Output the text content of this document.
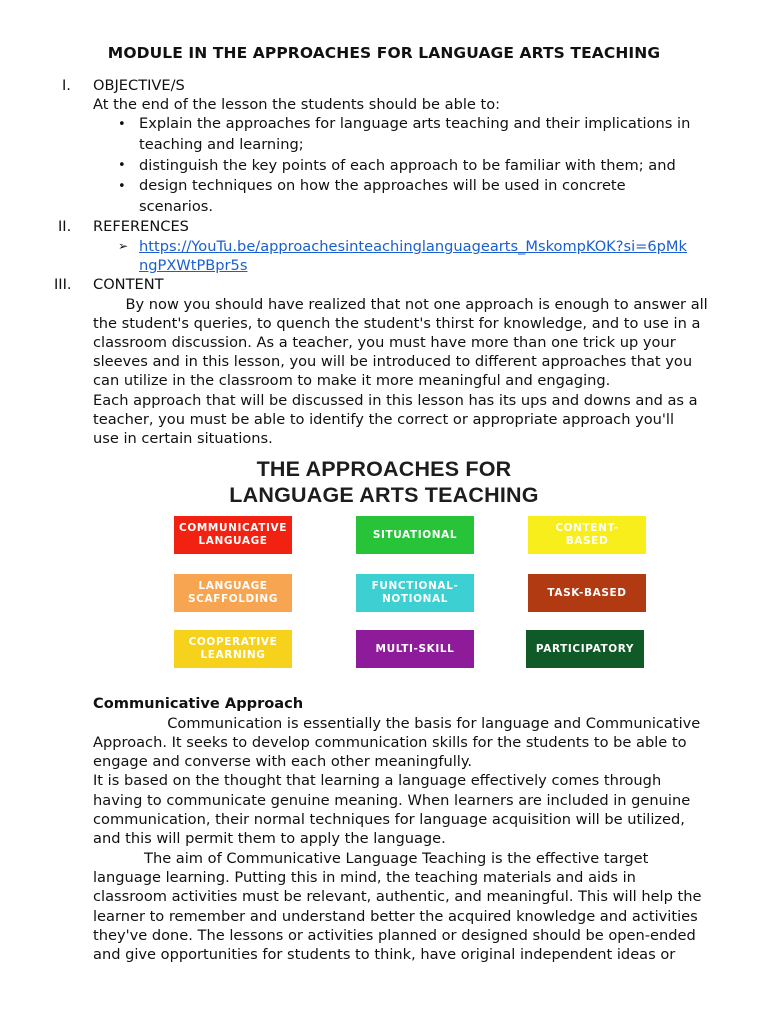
MODULE IN THE APPROACHES FOR LANGUAGE ARTS TEACHING
I. OBJECTIVE/S
At the end of the lesson the students should be able to:
• Explain the approaches for language arts teaching and their implications in
teaching and learning;
• distinguish the key points of each approach to be familiar with them; and
• design techniques on how the approaches will be used in concrete
scenarios.
II. REFERENCES
➢ https://YouTu.be/approachesinteachinglanguagearts_MskompKOK?si=6pMk
ngPXWtPBpr5s
III. CONTENT
By now you should have realized that not one approach is enough to answer all
the student's queries, to quench the student's thirst for knowledge, and to use in a
classroom discussion. As a teacher, you must have more than one trick up your
sleeves and in this lesson, you will be introduced to different approaches that you
can utilize in the classroom to make it more meaningful and engaging.
Each approach that will be discussed in this lesson has its ups and downs and as a
teacher, you must be able to identify the correct or appropriate approach you'll
use in certain situations.
THE APPROACHES FOR
LANGUAGE ARTS TEACHING
COMMUNICATIVE
LANGUAGE
SITUATIONAL
CONTENT-
BASED
LANGUAGE
SCAFFOLDING
FUNCTIONAL-
NOTIONAL
TASK-BASED
COOPERATIVE
LEARNING
MULTI-SKILL	PARTICIPATORY
Communicative Approach
Communication is essentially the basis for language and Communicative
Approach. It seeks to develop communication skills for the students to be able to
engage and converse with each other meaningfully.
It is based on the thought that learning a language effectively comes through
having to communicate genuine meaning. When learners are included in genuine
communication, their normal techniques for language acquisition will be utilized,
and this will permit them to apply the language.
The aim of Communicative Language Teaching is the effective target
language learning. Putting this in mind, the teaching materials and aids in
classroom activities must be relevant, authentic, and meaningful. This will help the
learner to remember and understand better the acquired knowledge and activities
they've done. The lessons or activities planned or designed should be open-ended
and give opportunities for students to think, have original independent ideas or
